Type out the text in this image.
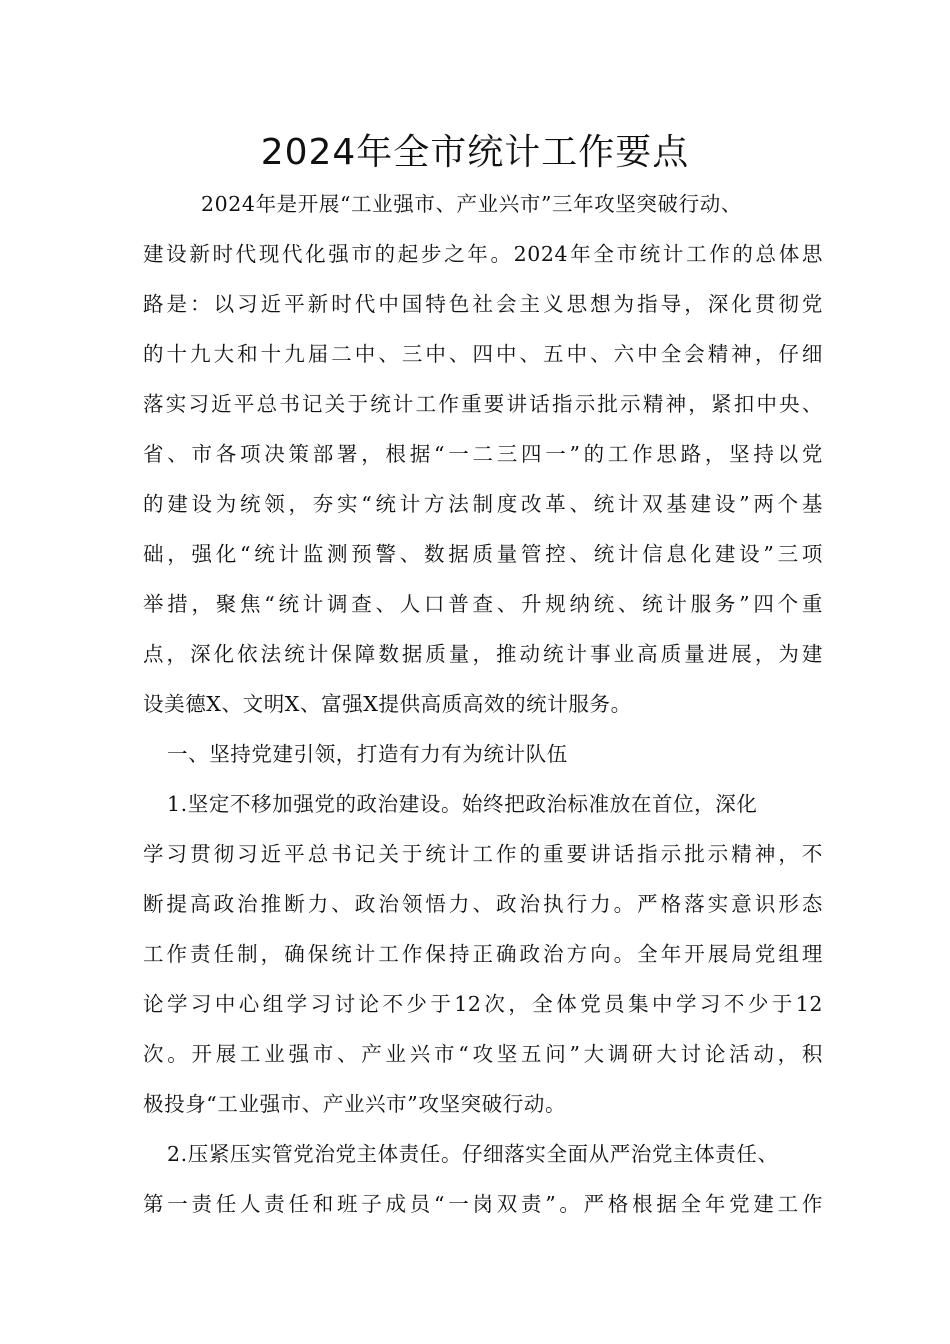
2024年全市统计工作要点
2024年是开展“工业强市、产业兴市”三年攻坚突破行动、
建设新时代现代化强市的起步之年。2024年全市统计工作的总体思
路是：以习近平新时代中国特色社会主义思想为指导，深化贯彻党
的十九大和十九届二中、三中、四中、五中、六中全会精神，仔细
落实习近平总书记关于统计工作重要讲话指示批示精神，紧扣中央、
省、市各项决策部署，根据“一二三四一”的工作思路，坚持以党
的建设为统领，夯实“统计方法制度改革、统计双基建设”两个基
础，强化“统计监测预警、数据质量管控、统计信息化建设”三项
举措，聚焦“统计调查、人口普查、升规纳统、统计服务”四个重
点，深化依法统计保障数据质量，推动统计事业高质量进展，为建
设美德X、文明X、富强X提供高质高效的统计服务。
一、坚持党建引领，打造有力有为统计队伍
1.坚定不移加强党的政治建设。始终把政治标准放在首位，深化
学习贯彻习近平总书记关于统计工作的重要讲话指示批示精神，不
断提高政治推断力、政治领悟力、政治执行力。严格落实意识形态
工作责任制，确保统计工作保持正确政治方向。全年开展局党组理
论学习中心组学习讨论不少于12次，全体党员集中学习不少于12
次。开展工业强市、产业兴市“攻坚五问”大调研大讨论活动，积
极投身“工业强市、产业兴市”攻坚突破行动。
2.压紧压实管党治党主体责任。仔细落实全面从严治党主体责任、
第一责任人责任和班子成员“一岗双责”。严格根据全年党建工作
